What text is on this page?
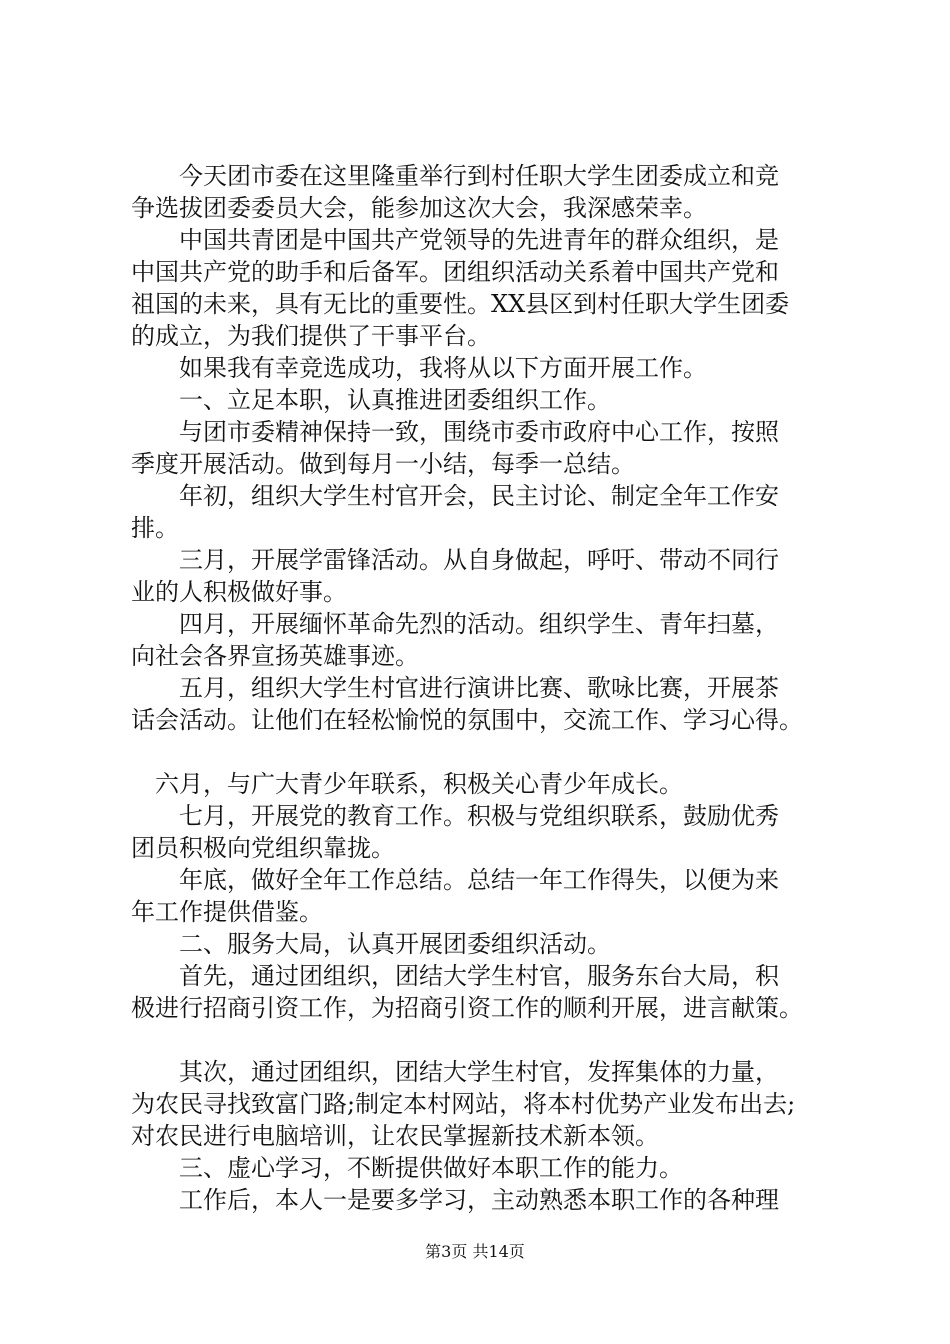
　　今天团市委在这里隆重举行到村任职大学生团委成立和竞
争选拔团委委员大会，能参加这次大会，我深感荣幸。
　　中国共青团是中国共产党领导的先进青年的群众组织，是
中国共产党的助手和后备军。团组织活动关系着中国共产党和
祖国的未来，具有无比的重要性。XX县区到村任职大学生团委
的成立，为我们提供了干事平台。
　　如果我有幸竞选成功，我将从以下方面开展工作。
　　一、立足本职，认真推进团委组织工作。
　　与团市委精神保持一致，围绕市委市政府中心工作，按照
季度开展活动。做到每月一小结，每季一总结。
　　年初，组织大学生村官开会，民主讨论、制定全年工作安
排。
　　三月，开展学雷锋活动。从自身做起，呼吁、带动不同行
业的人积极做好事。
　　四月，开展缅怀革命先烈的活动。组织学生、青年扫墓，
向社会各界宣扬英雄事迹。
　　五月，组织大学生村官进行演讲比赛、歌咏比赛，开展茶
话会活动。让他们在轻松愉悦的氛围中，交流工作、学习心得。
　六月，与广大青少年联系，积极关心青少年成长。
　　七月，开展党的教育工作。积极与党组织联系，鼓励优秀
团员积极向党组织靠拢。
　　年底，做好全年工作总结。总结一年工作得失，以便为来
年工作提供借鉴。
　　二、服务大局，认真开展团委组织活动。
　　首先，通过团组织，团结大学生村官，服务东台大局，积
极进行招商引资工作，为招商引资工作的顺利开展，进言献策。
　　其次，通过团组织，团结大学生村官，发挥集体的力量，
为农民寻找致富门路;制定本村网站，将本村优势产业发布出去;
对农民进行电脑培训，让农民掌握新技术新本领。
　　三、虚心学习，不断提供做好本职工作的能力。
　　工作后，本人一是要多学习，主动熟悉本职工作的各种理
第3页 共14页
